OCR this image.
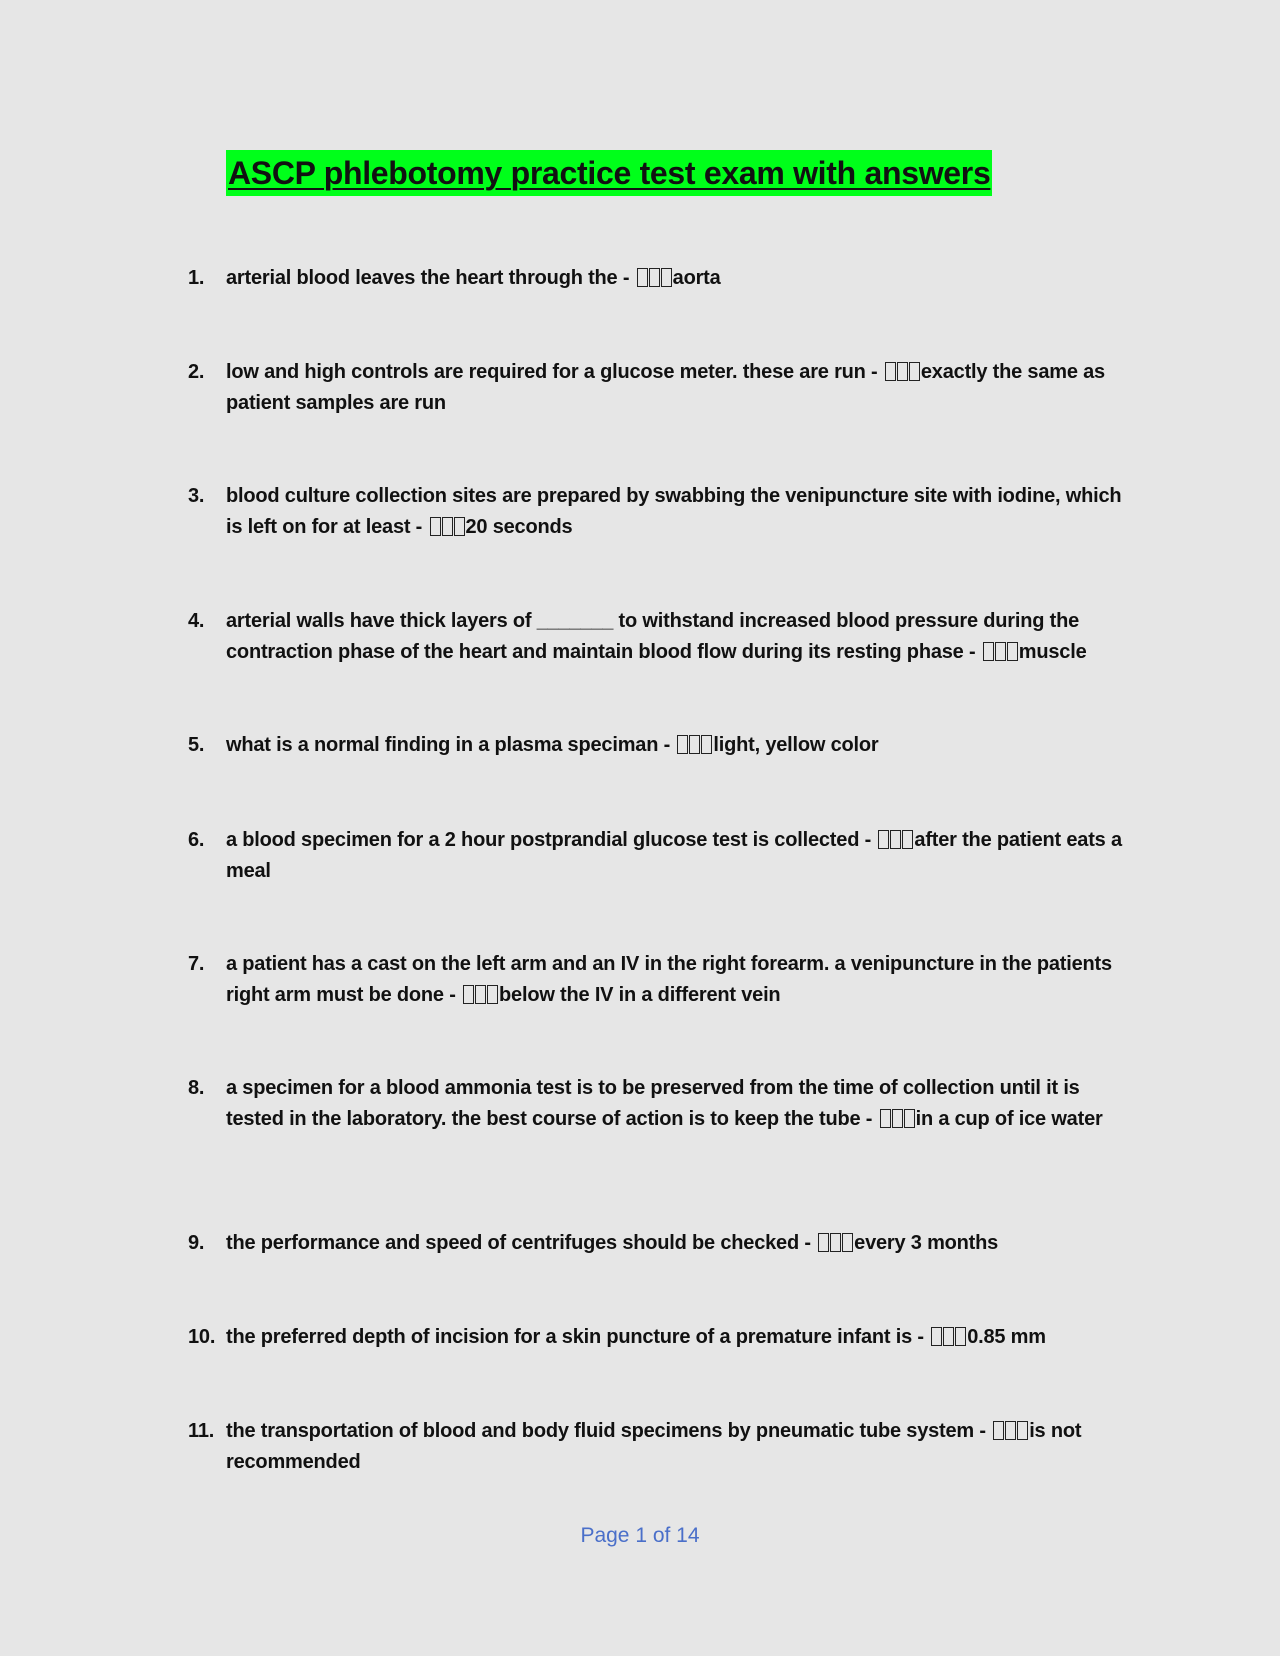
ASCP phlebotomy practice test exam with answers
1.	arterial blood leaves the heart through the - aorta
2.	low and high controls are required for a glucose meter. these are run - exactly the same as patient samples are run
3.	blood culture collection sites are prepared by swabbing the venipuncture site with iodine, which is left on for at least - 20 seconds
4.	arterial walls have thick layers of _______ to withstand increased blood pressure during the contraction phase of the heart and maintain blood flow during its resting phase - muscle
5.	what is a normal finding in a plasma speciman - light, yellow color
6.	a blood specimen for a 2 hour postprandial glucose test is collected - after the patient eats a meal
7.	a patient has a cast on the left arm and an IV in the right forearm. a venipuncture in the patients right arm must be done - below the IV in a different vein
8.	a specimen for a blood ammonia test is to be preserved from the time of collection until it is tested in the laboratory. the best course of action is to keep the tube - in a cup of ice water
9.	the performance and speed of centrifuges should be checked - every 3 months
10. the preferred depth of incision for a skin puncture of a premature infant is - 0.85 mm
11. the transportation of blood and body fluid specimens by pneumatic tube system - is not recommended
Page 1 of 14
